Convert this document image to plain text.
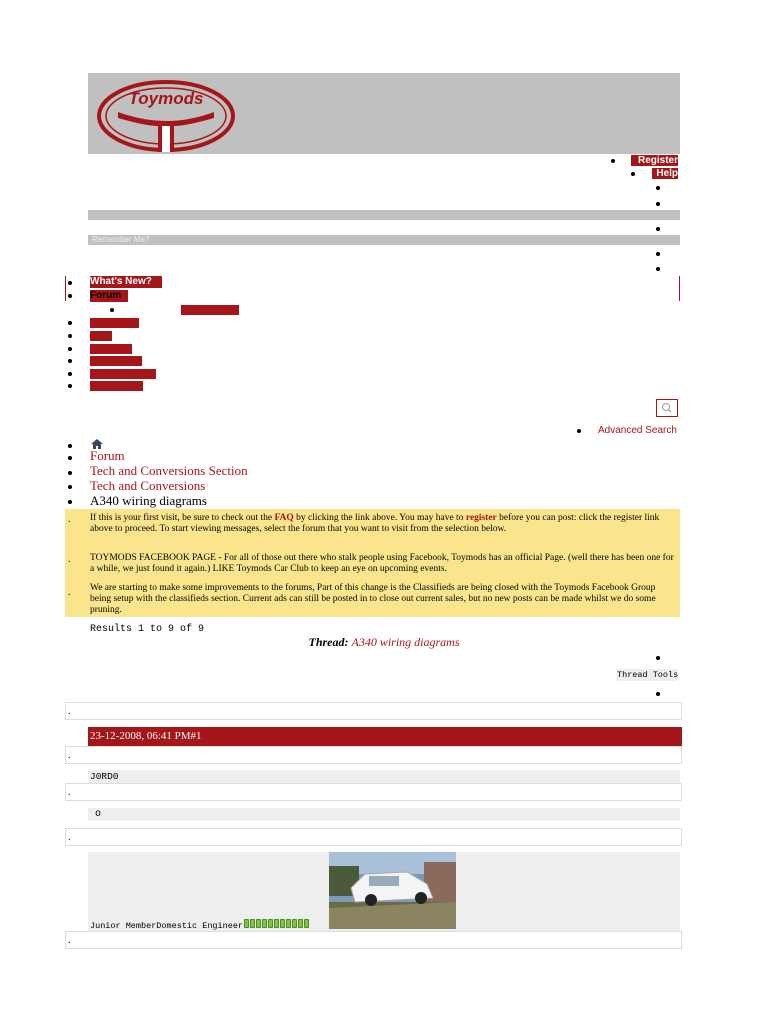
Toymods
Register
Help
Remember Me?
What's New?
Forum
Advanced Search
Forum
Tech and Conversions Section
Tech and Conversions
A340 wiring diagrams
. If this is your first visit, be sure to check out the FAQ by clicking the link above. You may have to register before you can post: click the register link above to proceed. To start viewing messages, select the forum that you want to visit from the selection below.

. TOYMODS FACEBOOK PAGE - For all of those out there who stalk people using Facebook, Toymods has an official Page. (well there has been one for a while, we just found it again.) LIKE Toymods Car Club to keep an eye on upcoming events.

. We are starting to make some improvements to the forums, Part of this change is the Classifieds are being closed with the Toymods Facebook Group being setup with the classifieds section. Current ads can still be posted in to close out current sales, but no new posts can be made whilst we do some pruning.

Results 1 to 9 of 9
Thread: A340 wiring diagrams
Thread Tools
.
23-12-2008, 06:41 PM#1
.
J0RD0
.
o
.
Junior MemberDomestic Engineer
.
